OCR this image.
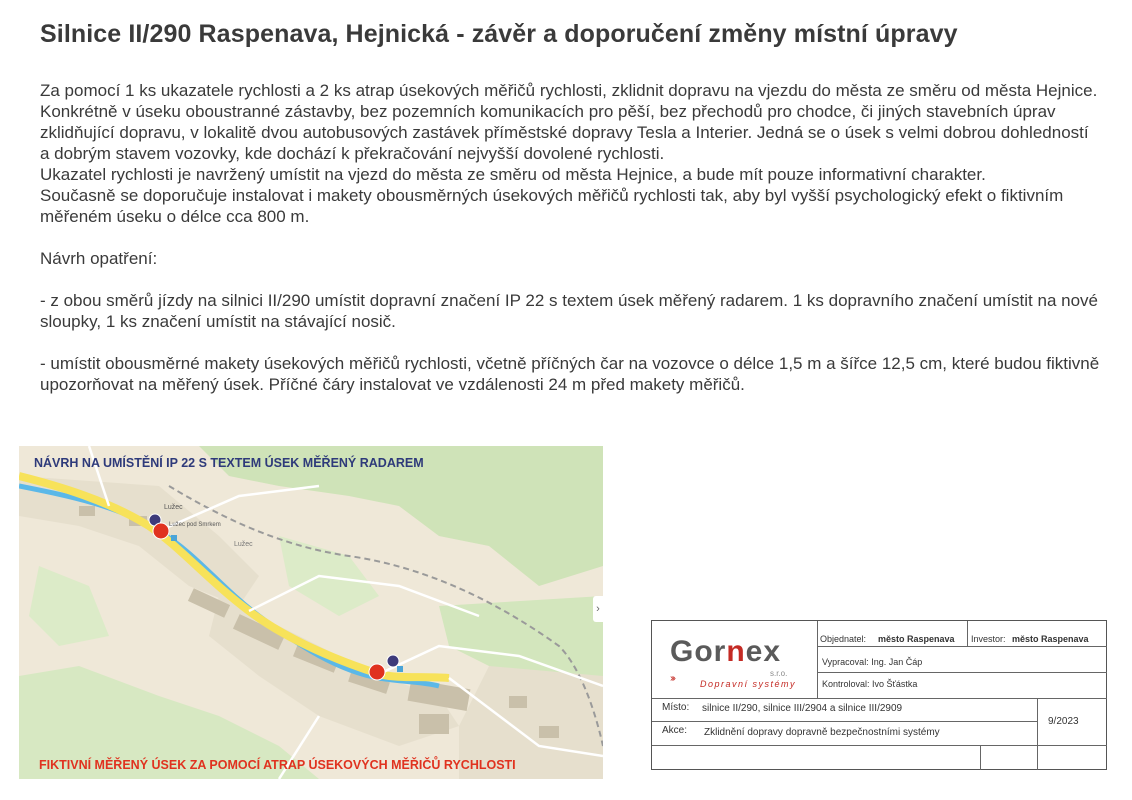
Silnice II/290 Raspenava, Hejnická - závěr a doporučení změny místní úpravy

Za pomocí 1 ks ukazatele rychlosti a 2 ks atrap úsekových měřičů rychlosti, zklidnit dopravu na vjezdu do města ze směru od města Hejnice. Konkrétně v úseku oboustranné zástavby, bez pozemních komunikacích pro pěší, bez přechodů pro chodce, či jiných stavebních úprav zklidňující dopravu, v lokalitě dvou autobusových zastávek příměstské dopravy Tesla a Interier. Jedná se o úsek s velmi dobrou dohledností a dobrým stavem vozovky, kde dochází k překračování nejvyšší dovolené rychlosti.

Ukazatel rychlosti je navržený umístit na vjezd do města ze směru od města Hejnice, a bude mít pouze informativní charakter.

Současně se doporučuje instalovat i makety obousměrných úsekových měřičů rychlosti tak, aby byl vyšší psychologický efekt o fiktivním měřeném úseku o délce cca 800 m.

Návrh opatření:

- z obou směrů jízdy na silnici II/290 umístit dopravní značení IP 22 s textem úsek měřený radarem. 1 ks dopravního značení umístit na nové sloupky, 1 ks značení umístit na stávající nosič.

- umístit obousměrné makety úsekových měřičů rychlosti, včetně příčných čar na vozovce o délce 1,5 m a šířce 12,5 cm, které budou fiktivně upozorňovat na měřený úsek. Příčné čáry instalovat ve vzdálenosti 24 m před makety měřičů.

Lužec
Lužec pod Smrkem
Lužec
NÁVRH NA UMÍSTĚNÍ IP 22 S TEXTEM ÚSEK MĚŘENÝ RADAREM
FIKTIVNÍ MĚŘENÝ ÚSEK ZA POMOCÍ ATRAP ÚSEKOVÝCH MĚŘIČŮ RYCHLOSTI
›
Gornex
›››	s.r.o.
Dopravní systémy
Objednatel: město Raspenava Investor: město Raspenava
Vypracoval: Ing. Jan Čáp
Kontroloval: Ivo Šťástka
Místo: silnice II/290, silnice III/2904 a silnice III/2909
Akce: Zklidnění dopravy dopravně bezpečnostními systémy
9/2023
